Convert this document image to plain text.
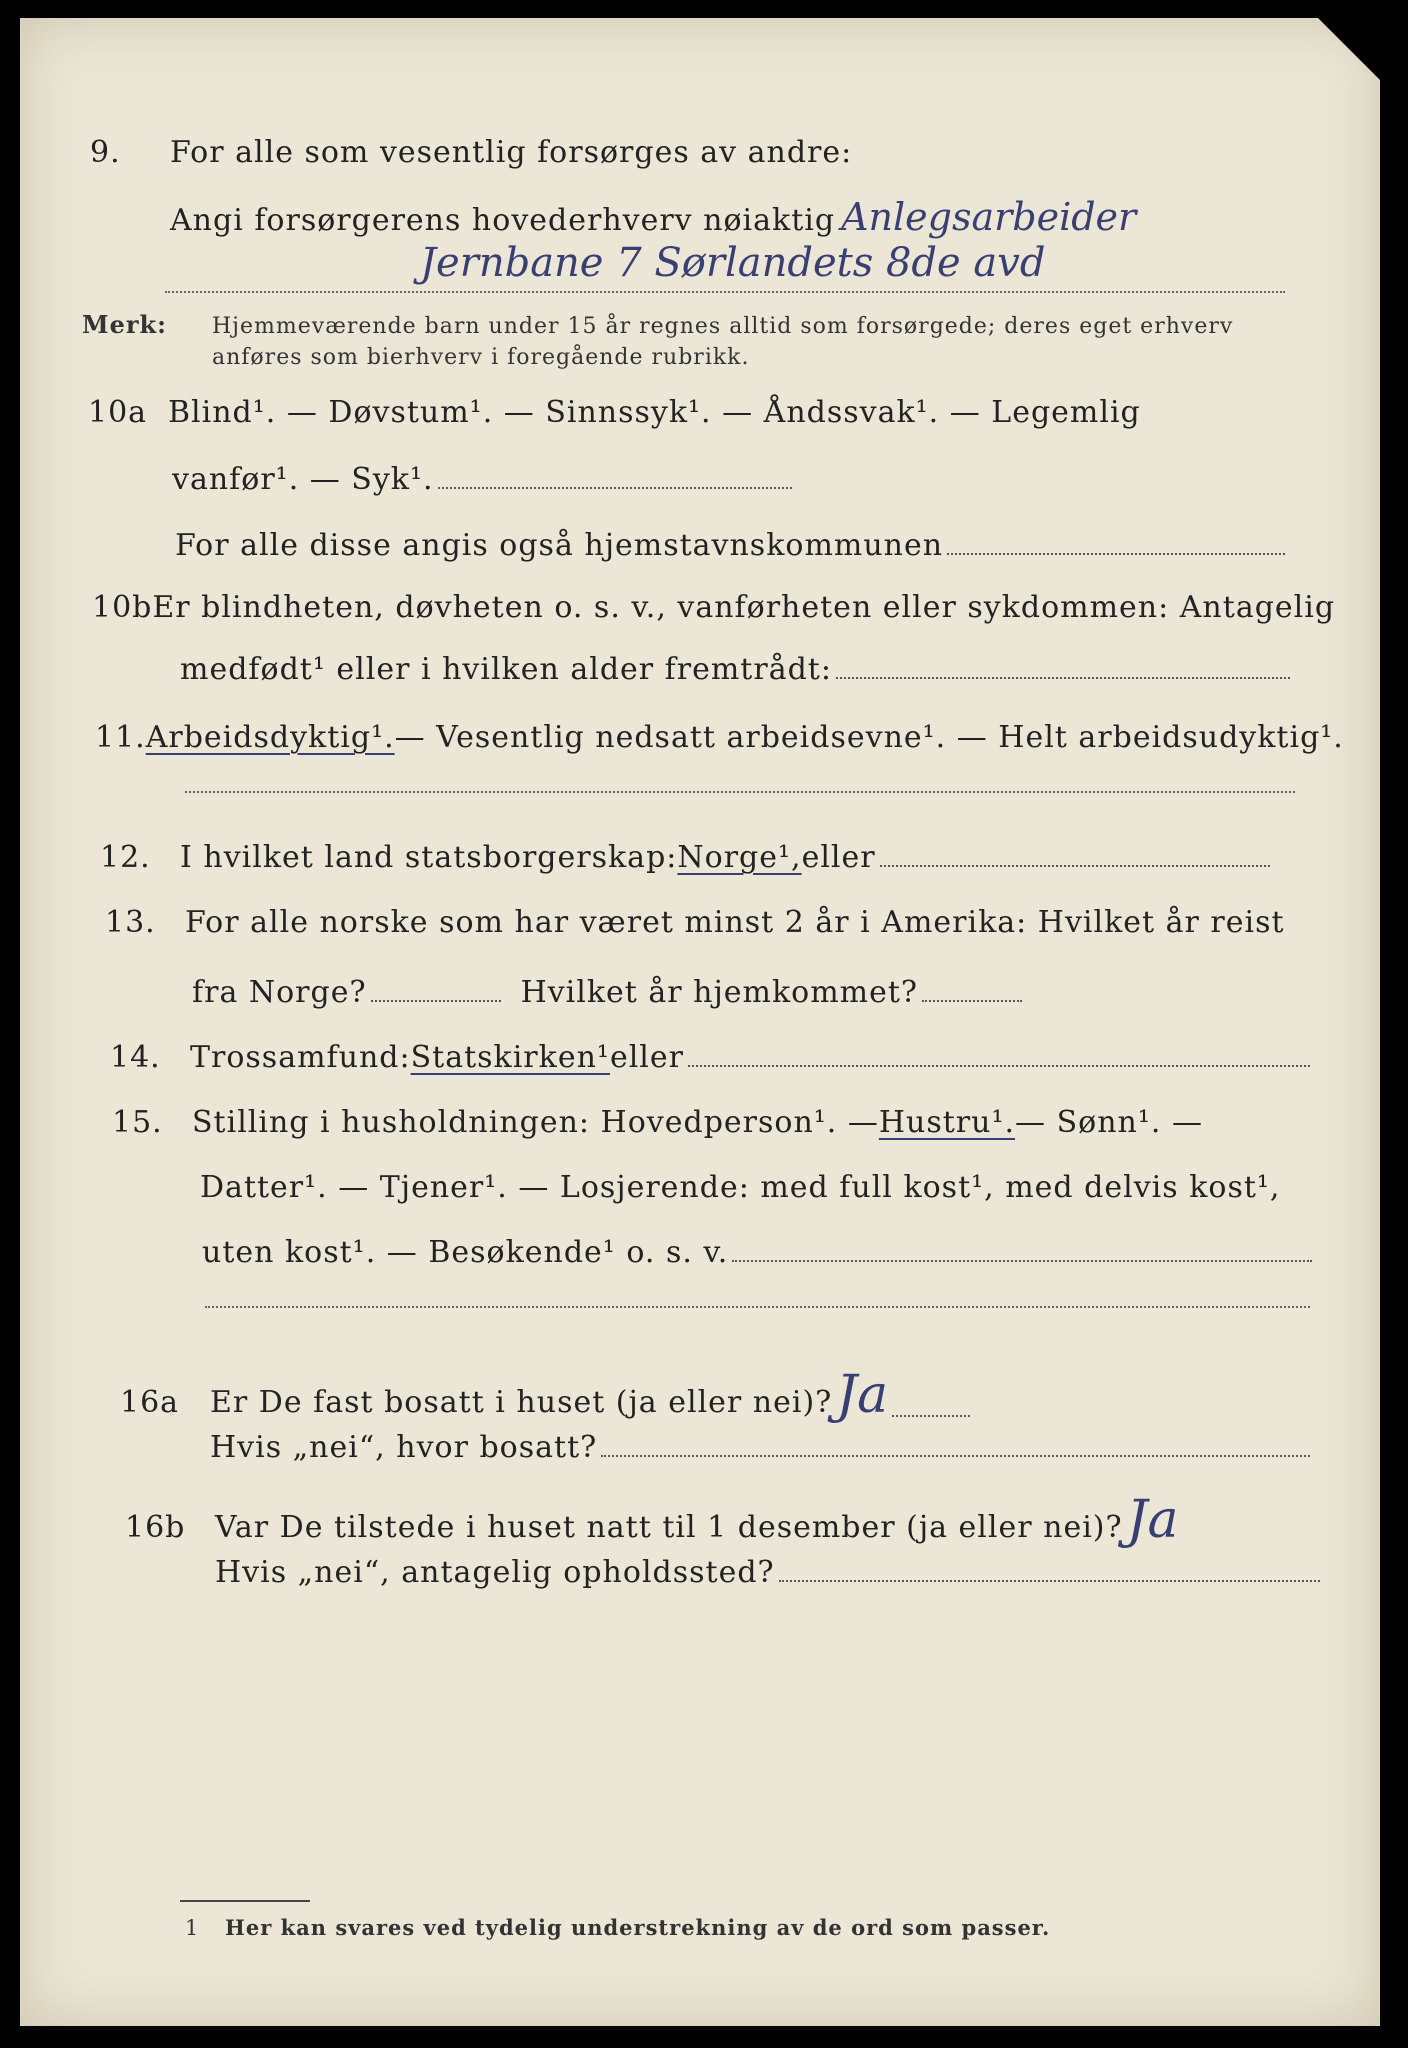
9.	For alle som vesentlig forsørges av andre:
Angi forsørgerens hovederhverv nøiaktig Anlegsarbeider
Jernbane 7 Sørlandets 8de avd
Merk:	Hjemmeværende barn under 15 år regnes alltid som forsørgede; deres eget erhverv
anføres som bierhverv i foregående rubrikk.
10a Blind¹. — Døvstum¹. — Sinnssyk¹. — Åndssvak¹. — Legemlig
vanfør¹. — Syk¹.
For alle disse angis også hjemstavnskommunen
10b Er blindheten, døvheten o. s. v., vanførheten eller sykdommen: Antagelig
medfødt¹ eller i hvilken alder fremtrådt:
11. Arbeidsdyktig¹. — Vesentlig nedsatt arbeidsevne¹. — Helt arbeidsudyktig¹.
12. I hvilket land statsborgerskap: Norge¹, eller
13. For alle norske som har været minst 2 år i Amerika: Hvilket år reist
fra Norge?	Hvilket år hjemkommet?
14. Trossamfund: Statskirken¹ eller
15. Stilling i husholdningen: Hovedperson¹. — Hustru¹. — Sønn¹. —
Datter¹. — Tjener¹. — Losjerende: med full kost¹, med delvis kost¹,
uten kost¹. — Besøkende¹ o. s. v.
16a	Er De fast bosatt i huset (ja eller nei)? Ja
Hvis „nei“, hvor bosatt?
16b Var De tilstede i huset natt til 1 desember (ja eller nei)? Ja
Hvis „nei“, antagelig opholdssted?
1	Her kan svares ved tydelig understrekning av de ord som passer.
